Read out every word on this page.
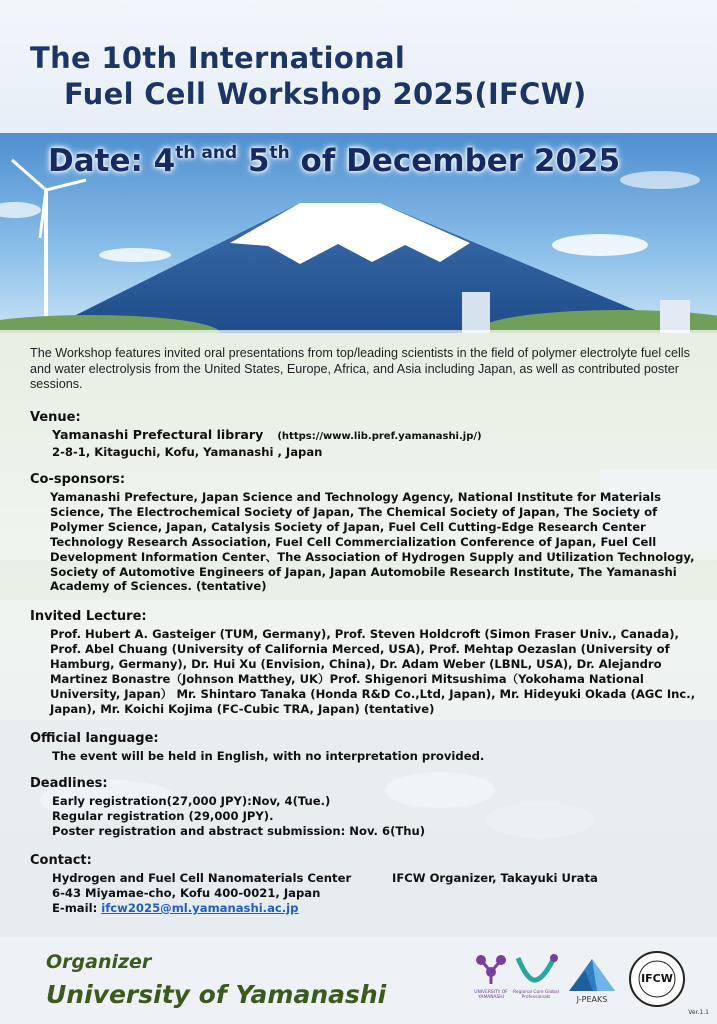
The 10th International
Fuel Cell Workshop 2025(IFCW)
Date: $4^{th and}$ 5th of December 2025

The Workshop features invited oral presentations from top/leading scientists in the field of polymer electrolyte fuel cells and water electrolysis from the United States, Europe, Africa, and Asia including Japan, as well as contributed poster sessions.

Venue:
Yamanashi Prefectural library (https://www.lib.pref.yamanashi.jp/)
2-8-1, Kitaguchi, Kofu, Yamanashi , Japan
Co-sponsors:
Yamanashi Prefecture, Japan Science and Technology Agency, National Institute for Materials Science, The Electrochemical Society of Japan, The Chemical Society of Japan, The Society of Polymer Science, Japan, Catalysis Society of Japan, Fuel Cell Cutting-Edge Research Center Technology Research Association, Fuel Cell Commercialization Conference of Japan, Fuel Cell Development Information Center、The Association of Hydrogen Supply and Utilization Technology, Society of Automotive Engineers of Japan, Japan Automobile Research Institute, The Yamanashi Academy of Sciences. (tentative)
Invited Lecture:
Prof. Hubert A. Gasteiger (TUM, Germany), Prof. Steven Holdcroft (Simon Fraser Univ., Canada), Prof. Abel Chuang (University of California Merced, USA), Prof. Mehtap Oezaslan (University of Hamburg, Germany), Dr. Hui Xu (Envision, China), Dr. Adam Weber (LBNL, USA), Dr. Alejandro Martinez Bonastre（Johnson Matthey, UK）Prof. Shigenori Mitsushima（Yokohama National University, Japan） Mr. Shintaro Tanaka (Honda R&D Co.,Ltd, Japan), Mr. Hideyuki Okada (AGC Inc., Japan), Mr. Koichi Kojima (FC-Cubic TRA, Japan) (tentative)
Official language:
The event will be held in English, with no interpretation provided.
Deadlines:
Early registration(27,000 JPY):Nov, 4(Tue.)
Regular registration (29,000 JPY).
Poster registration and abstract submission: Nov. 6(Thu)
Contact:
Hydrogen and Fuel Cell Nanomaterials Center	IFCW Organizer, Takayuki Urata
6-43 Miyamae-cho, Kofu 400-0021, Japan
E-mail: ifcw2025@ml.yamanashi.ac.jp
Organizer
University of Yamanashi	UNIVERSITY OF YAMANASHI
Regional Core Global Professionals	J-PEAKS
IFCW
Ver.1.1
